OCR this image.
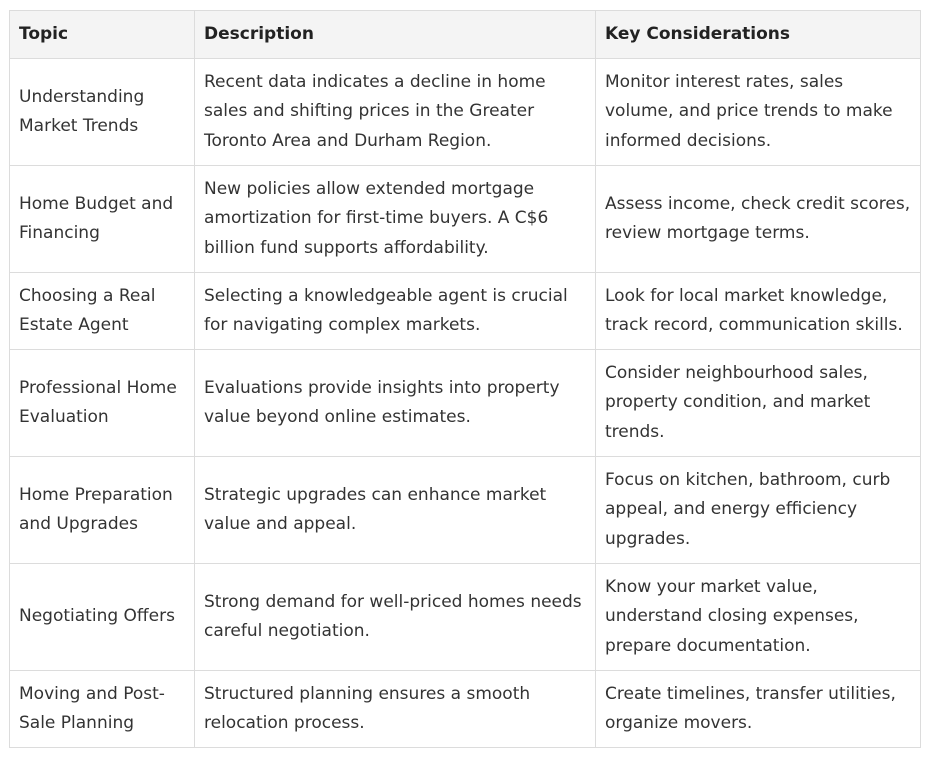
Topic	Description	Key Considerations
Understanding Market Trends	Recent data indicates a decline in home sales and shifting prices in the Greater Toronto Area and Durham Region.	Monitor interest rates, sales volume, and price trends to make informed decisions.
Home Budget and Financing	New policies allow extended mortgage amortization for first-time buyers. A C$6 billion fund supports affordability.	Assess income, check credit scores, review mortgage terms.
Choosing a Real Estate Agent	Selecting a knowledgeable agent is crucial for navigating complex markets.	Look for local market knowledge, track record, communication skills.
Professional Home Evaluation	Evaluations provide insights into property value beyond online estimates.	Consider neighbourhood sales, property condition, and market trends.
Home Preparation and Upgrades	Strategic upgrades can enhance market value and appeal.	Focus on kitchen, bathroom, curb appeal, and energy efficiency upgrades.
Negotiating Offers	Strong demand for well-priced homes needs careful negotiation.	Know your market value, understand closing expenses, prepare documentation.
Moving and Post-Sale Planning	Structured planning ensures a smooth relocation process.	Create timelines, transfer utilities, organize movers.
